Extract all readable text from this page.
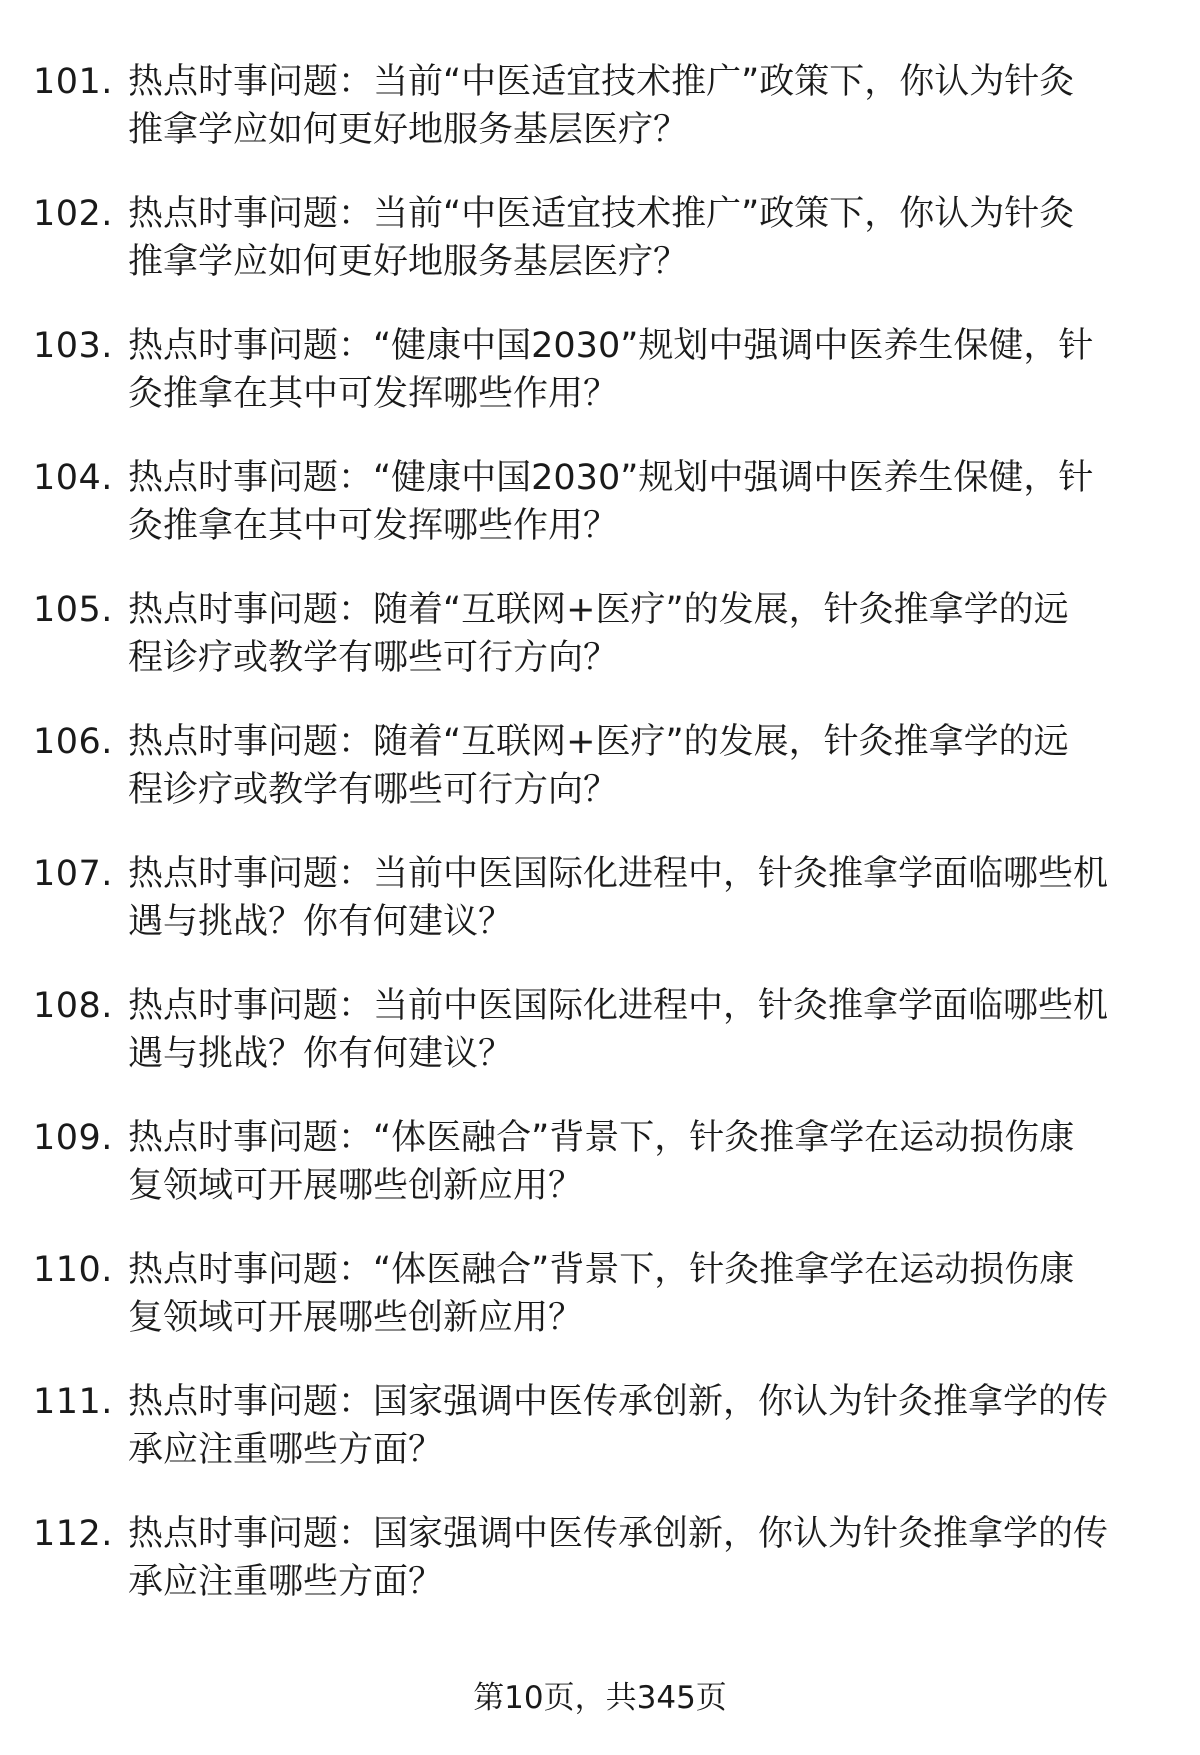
101. 热点时事问题：当前“中医适宜技术推广”政策下，你认为针灸
推拿学应如何更好地服务基层医疗？
102. 热点时事问题：当前“中医适宜技术推广”政策下，你认为针灸
推拿学应如何更好地服务基层医疗？
103. 热点时事问题：“健康中国2030”规划中强调中医养生保健，针
灸推拿在其中可发挥哪些作用？
104. 热点时事问题：“健康中国2030”规划中强调中医养生保健，针
灸推拿在其中可发挥哪些作用？
105. 热点时事问题：随着“互联网+医疗”的发展，针灸推拿学的远
程诊疗或教学有哪些可行方向？
106. 热点时事问题：随着“互联网+医疗”的发展，针灸推拿学的远
程诊疗或教学有哪些可行方向？
107. 热点时事问题：当前中医国际化进程中，针灸推拿学面临哪些机
遇与挑战？你有何建议？
108. 热点时事问题：当前中医国际化进程中，针灸推拿学面临哪些机
遇与挑战？你有何建议？
109. 热点时事问题：“体医融合”背景下，针灸推拿学在运动损伤康
复领域可开展哪些创新应用？
110. 热点时事问题：“体医融合”背景下，针灸推拿学在运动损伤康
复领域可开展哪些创新应用？
111. 热点时事问题：国家强调中医传承创新，你认为针灸推拿学的传
承应注重哪些方面？
112. 热点时事问题：国家强调中医传承创新，你认为针灸推拿学的传
承应注重哪些方面？
第10页，共345页
